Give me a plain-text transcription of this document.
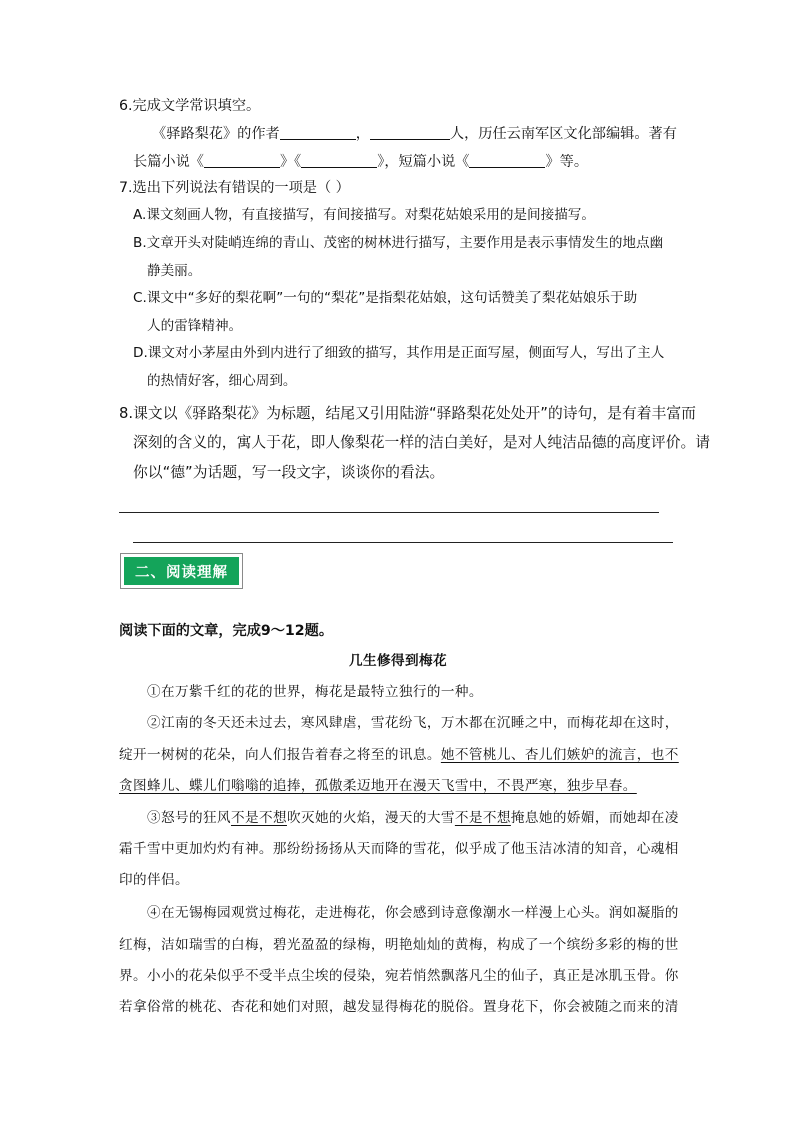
6.完成文学常识填空。
《驿路梨花》的作者	，	人，历任云南军区文化部编辑。著有
长篇小说《	》《	》，短篇小说《	》等。
7.选出下列说法有错误的一项是（ ）
A.课文刻画人物，有直接描写，有间接描写。对梨花姑娘采用的是间接描写。
B.文章开头对陡峭连绵的青山、茂密的树林进行描写，主要作用是表示事情发生的地点幽
静美丽。
C.课文中“多好的梨花啊”一句的“梨花”是指梨花姑娘，这句话赞美了梨花姑娘乐于助
人的雷锋精神。
D.课文对小茅屋由外到内进行了细致的描写，其作用是正面写屋，侧面写人，写出了主人
的热情好客，细心周到。
8.课文以《驿路梨花》为标题，结尾又引用陆游“驿路梨花处处开”的诗句，是有着丰富而
深刻的含义的，寓人于花，即人像梨花一样的洁白美好，是对人纯洁品德的高度评价。请
你以“德”为话题，写一段文字，谈谈你的看法。
二、阅读理解
阅读下面的文章，完成9～12题。
几生修得到梅花
①在万紫千红的花的世界，梅花是最特立独行的一种。
②江南的冬天还未过去，寒风肆虐，雪花纷飞，万木都在沉睡之中，而梅花却在这时，
绽开一树树的花朵，向人们报告着春之将至的讯息。她不管桃儿、杏儿们嫉妒的流言，也不
贪图蜂儿、蝶儿们嗡嗡的追捧，孤傲柔迈地开在漫天飞雪中，不畏严寒，独步早春。
③怒号的狂风不是不想吹灭她的火焰，漫天的大雪不是不想掩息她的娇媚，而她却在凌
霜千雪中更加灼灼有神。那纷纷扬扬从天而降的雪花，似乎成了他玉洁冰清的知音，心魂相
印的伴侣。
④在无锡梅园观赏过梅花，走进梅花，你会感到诗意像潮水一样漫上心头。润如凝脂的
红梅，洁如瑞雪的白梅，碧光盈盈的绿梅，明艳灿灿的黄梅，构成了一个缤纷多彩的梅的世
界。小小的花朵似乎不受半点尘埃的侵染，宛若悄然飘落凡尘的仙子，真正是冰肌玉骨。你
若拿俗常的桃花、杏花和她们对照，越发显得梅花的脱俗。置身花下，你会被随之而来的清
